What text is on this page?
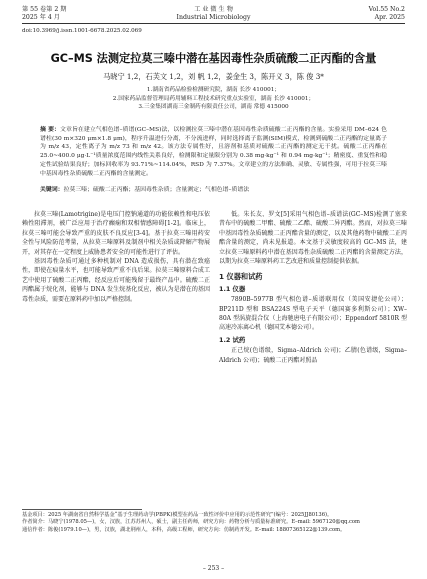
第 55 卷第 2 期
2025 年 4 月
工 业 微 生 物
Industrial Microbiology
Vol.55 No.2
Apr. 2025
doi:10.3969/j.issn.1001-6678.2025.02.069
GC–MS 法测定拉莫三嗪中潜在基因毒性杂质硫酸二正丙酯的含量
马晓宁 1,2，石芙文 1,2，刘 帆 1,2，姜金生 3，陈开义 3，陈 俊 3*
1.湖南省药品检验检测研究院，湖南 长沙 410001；
2.国家药品监督管理局药用辅料工程技术研究重点实验室，湖南 长沙 410001；
3.三金集团湖南三金制药有限责任公司，湖南 常德 415000
摘 要：文章旨在建立气相色谱–质谱(GC–MS)法，以检测拉莫三嗪中潜在基因毒性杂质硫酸二正丙酯的含量。实验采用 DM–624 色谱柱(30 m×320 μm×1.8 μm)，程序升温进行分离，不分流进样，同时选择离子监测(SIM)模式，检测到硫酸二正丙酯的定量离子为 m/z 43，定性离子为 m/z 73 和 m/z 42。该方法专属性好，且溶剂和基质对硫酸二正丙酯的测定无干扰。硫酸二正丙酯在 25.0~400.0 μg·L⁻¹质量浓度范围内线性关系良好，检测限和定量限分别为 0.38 mg·kg⁻¹ 和 0.94 mg·kg⁻¹；精密度、重复性和稳定性试验结果良好；加标回收率为 93.71%~114.04%，RSD 为 7.37%。文章建立的方法准确、灵敏、专属性强，可用于拉莫三嗪中基因毒性杂质硫酸二正丙酯的含量测定。
关键词：拉莫三嗪；硫酸二正丙酯；基因毒性杂质；含量测定；气相色谱–质谱法

拉莫三嗪(Lamotrigine)是电压门控钠通道的功能依赖性和电压依赖性阻滞剂，被广泛应用于治疗癫痫和双相情感障碍[1-2]。临床上，拉莫三嗪可能会导致严重的皮肤不良反应[3-4]。基于拉莫三嗪用药安全性与风险防范考量，从拉莫三嗪原料及制剂中相关杂质或降解产物展开，对其存在一定程度上威胁患者安全的可能性进行了评估。

基因毒性杂质可通过多种机制对 DNA 造成损伤，具有潜在致癌性，即使在痕量水平，也可能导致严重不良后果。拉莫三嗪原料合成工艺中使用了硫酸二正丙酯，经反应后可能残留于最终产品中。硫酸二正丙酯属于烷化剂，能够与 DNA 发生烷基化反应，被认为是潜在的基因毒性杂质，需要在原料药中加以严格控制。

低。朱长友、罗文[5]采用气相色谱–质谱法(GC–MS)检测了塞来昔布中的硫酸二甲酯、硫酸二乙酯、硫酸二异丙酯。然而，对拉莫三嗪中基因毒性杂质硫酸二正丙酯含量的测定，以及其他药物中硫酸二正丙酯含量的测定，尚未见报道。本文基于灵敏度较高的 GC–MS 法，建立拉莫三嗪原料药中潜在基因毒性杂质硫酸二正丙酯的含量测定方法，以期为拉莫三嗪原料药工艺改进和质量控制提供依据。

1 仪器和试药
1.1 仪器

7890B–5977B 型气相色谱–质谱联用仪（美国安捷伦公司）；BP211D 型和 BSA224S 型电子天平（德国赛多利斯公司）；XW–80A 型涡旋混合仪（上海驰唐电子有限公司）；Eppendorf 5810R 型高速冷冻离心机（德国艾本德公司）。

1.2 试药

正己烷(色谱级，Sigma–Aldrich 公司)；乙腈(色谱级，Sigma–Aldrich 公司)；硫酸二正丙酯对照品

基金项目：2025 年湖南省自然科学基金“基于生理药动学(PBPK)模型在药品一致性评价中应用的示范性研究”(编号：2025JJ80136)。
作者简介：马晓宁(1978.05—)，女，汉族，江苏苏州人，硕士，副主任药师，研究方向：药物分析与质量标准研究。E–mail: 5967120@qq.com
通信作者：陈俊(1979.10—)，男，汉族，湖北荆州人，本科，高级工程师，研究方向：仿制药开发。E–mail: 18807365122@139.com。
– 253 –
